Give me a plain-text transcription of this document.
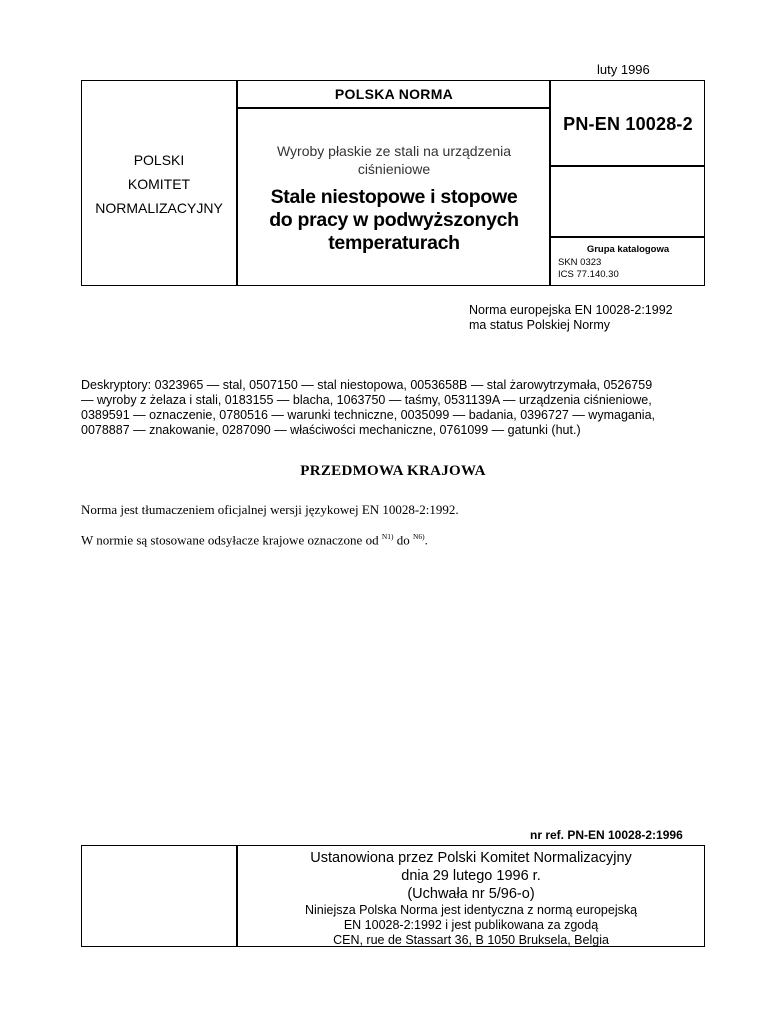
luty 1996
POLSKI
KOMITET
NORMALIZACYJNY
POLSKA NORMA
Wyroby płaskie ze stali na urządzenia
ciśnieniowe
Stale niestopowe i stopowe
do pracy w podwyższonych
temperaturach
PN-EN 10028-2
Grupa katalogowa
SKN 0323
ICS 77.140.30
Norma europejska EN 10028-2:1992
ma status Polskiej Normy
Deskryptory: 0323965 — stal, 0507150 — stal niestopowa, 0053658B — stal żarowytrzymała, 0526759
— wyroby z żelaza i stali, 0183155 — blacha, 1063750 — taśmy, 0531139A — urządzenia ciśnieniowe,
0389591 — oznaczenie, 0780516 — warunki techniczne, 0035099 — badania, 0396727 — wymagania,
0078887 — znakowanie, 0287090 — właściwości mechaniczne, 0761099 — gatunki (hut.)
PRZEDMOWA KRAJOWA
Norma jest tłumaczeniem oficjalnej wersji językowej EN 10028-2:1992.
W normie są stosowane odsyłacze krajowe oznaczone od $^{N1)}$ do $^{N6)}$.
nr ref. PN-EN 10028-2:1996
Ustanowiona przez Polski Komitet Normalizacyjny
dnia 29 lutego 1996 r.
(Uchwała nr 5/96-o)
Niniejsza Polska Norma jest identyczna z normą europejską
EN 10028-2:1992 i jest publikowana za zgodą
CEN, rue de Stassart 36, B 1050 Bruksela, Belgia
